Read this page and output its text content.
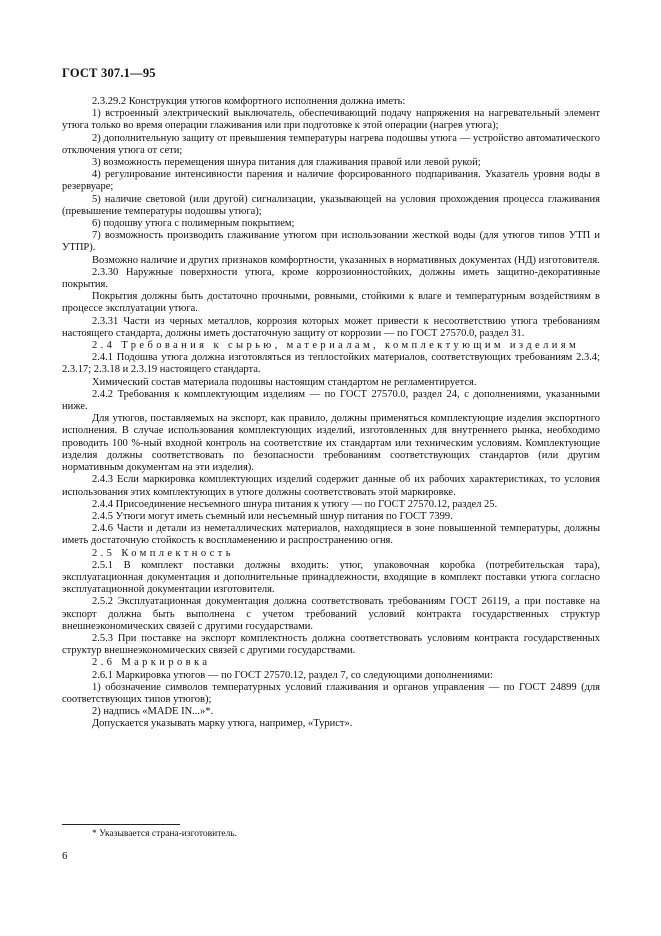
ГОСТ 307.1—95

2.3.29.2 Конструкция утюгов комфортного исполнения должна иметь:

1) встроенный электрический выключатель, обеспечивающий подачу напряжения на нагревательный элемент утюга только во время операции глаживания или при подготовке к этой операции (нагрев утюга);

2) дополнительную защиту от превышения температуры нагрева подошвы утюга — устройство автоматического отключения утюга от сети;

3) возможность перемещения шнура питания для глаживания правой или левой рукой;

4) регулирование интенсивности парения и наличие форсированного подпаривания. Указатель уровня воды в резервуаре;

5) наличие световой (или другой) сигнализации, указывающей на условия прохождения процесса глаживания (превышение температуры подошвы утюга);

6) подошву утюга с полимерным покрытием;

7) возможность производить глаживание утюгом при использовании жесткой воды (для утюгов типов УТП и УТПР).

Возможно наличие и других признаков комфортности, указанных в нормативных документах (НД) изготовителя.

2.3.30 Наружные поверхности утюга, кроме коррозионностойких, должны иметь защитно-декоративные покрытия.

Покрытия должны быть достаточно прочными, ровными, стойкими к влаге и температурным воздействиям в процессе эксплуатации утюга.

2.3.31 Части из черных металлов, коррозия которых может привести к несоответствию утюга требованиям настоящего стандарта, должны иметь достаточную защиту от коррозии — по ГОСТ 27570.0, раздел 31.

2.4 Требования к сырью, материалам, комплектующим изделиям

2.4.1 Подошва утюга должна изготовляться из теплостойких материалов, соответствующих требованиям 2.3.4; 2.3.17; 2.3.18 и 2.3.19 настоящего стандарта.

Химический состав материала подошвы настоящим стандартом не регламентируется.

2.4.2 Требования к комплектующим изделиям — по ГОСТ 27570.0, раздел 24, с дополнениями, указанными ниже.

Для утюгов, поставляемых на экспорт, как правило, должны применяться комплектующие изделия экспортного исполнения. В случае использования комплектующих изделий, изготовленных для внутреннего рынка, необходимо проводить 100 %-ный входной контроль на соответствие их стандартам или техническим условиям. Комплектующие изделия должны соответствовать по безопасности требованиям соответствующих стандартов (или другим нормативным документам на эти изделия).

2.4.3 Если маркировка комплектующих изделий содержит данные об их рабочих характеристиках, то условия использования этих комплектующих в утюге должны соответствовать этой маркировке.

2.4.4 Присоединение несъемного шнура питания к утюгу — по ГОСТ 27570.12, раздел 25.

2.4.5 Утюги могут иметь съемный или несъемный шнур питания по ГОСТ 7399.

2.4.6 Части и детали из неметаллических материалов, находящиеся в зоне повышенной температуры, должны иметь достаточную стойкость к воспламенению и распространению огня.

2.5 Комплектность

2.5.1 В комплект поставки должны входить: утюг, упаковочная коробка (потребительская тара), эксплуатационная документация и дополнительные принадлежности, входящие в комплект поставки утюга согласно эксплуатационной документации изготовителя.

2.5.2 Эксплуатационная документация должна соответствовать требованиям ГОСТ 26119, а при поставке на экспорт должна быть выполнена с учетом требований условий контракта государственных структур внешнеэкономических связей с другими государствами.

2.5.3 При поставке на экспорт комплектность должна соответствовать условиям контракта государственных структур внешнеэкономических связей с другими государствами.

2.6 Маркировка

2.6.1 Маркировка утюгов — по ГОСТ 27570.12, раздел 7, со следующими дополнениями:

1) обозначение символов температурных условий глаживания и органов управления — по ГОСТ 24899 (для соответствующих типов утюгов);

2) надпись «MADE IN...»*.

Допускается указывать марку утюга, например, «Турист».

* Указывается страна-изготовитель.
6
